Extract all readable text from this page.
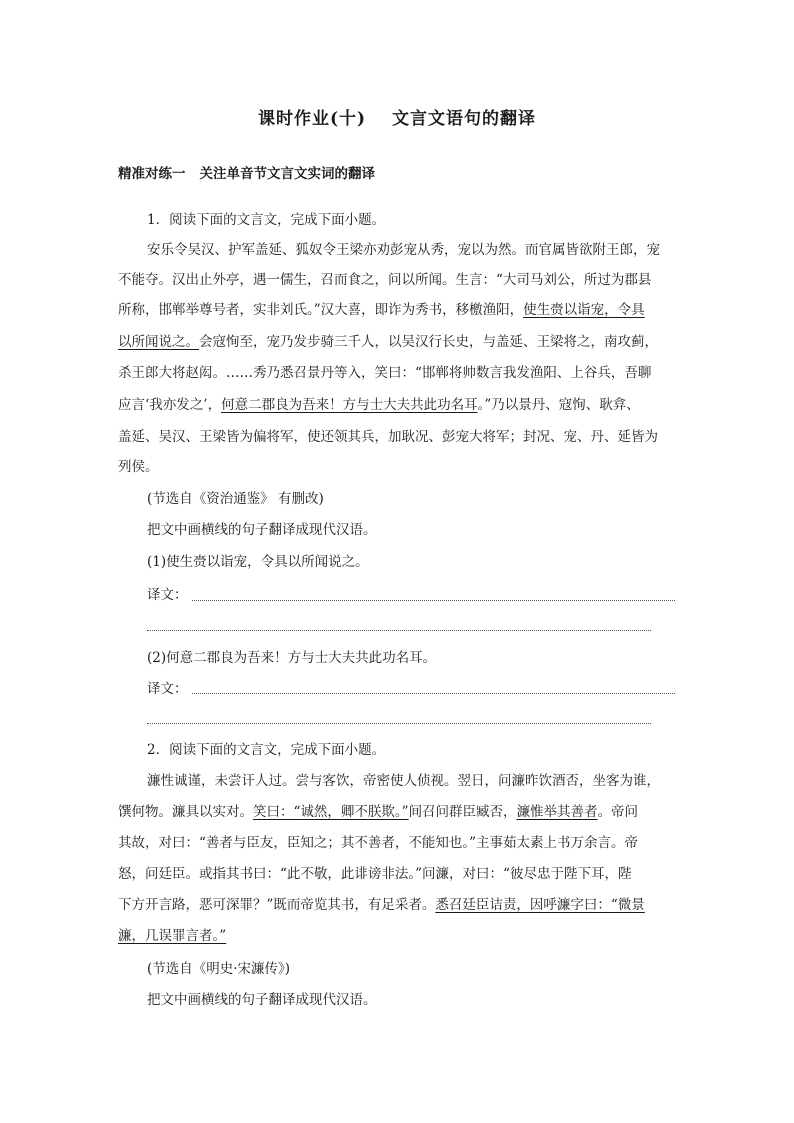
课时作业(十) 文言文语句的翻译
精准对练一 关注单音节文言文实词的翻译
1．阅读下面的文言文，完成下面小题。
安乐令吴汉、护军盖延、狐奴令王梁亦劝彭宠从秀，宠以为然。而官属皆欲附王郎，宠
不能夺。汉出止外亭，遇一儒生，召而食之，问以所闻。生言：“大司马刘公，所过为郡县
所称，邯郸举尊号者，实非刘氏。”汉大喜，即诈为秀书，移檄渔阳，使生赍以诣宠，令具
以所闻说之。会寇恂至，宠乃发步骑三千人，以吴汉行长史，与盖延、王梁将之，南攻蓟，
杀王郎大将赵闳。……秀乃悉召景丹等入，笑曰：“邯郸将帅数言我发渔阳、上谷兵，吾聊
应言‘我亦发之’，何意二郡良为吾来！方与士大夫共此功名耳。”乃以景丹、寇恂、耿弇、
盖延、吴汉、王梁皆为偏将军，使还领其兵，加耿况、彭宠大将军；封况、宠、丹、延皆为
列侯。
(节选自《资治通鉴》 有删改)
把文中画横线的句子翻译成现代汉语。
(1)使生赍以诣宠，令具以所闻说之。
译文：
(2)何意二郡良为吾来！方与士大夫共此功名耳。
译文：
2．阅读下面的文言文，完成下面小题。
濂性诚谨，未尝讦人过。尝与客饮，帝密使人侦视。翌日，问濂昨饮酒否，坐客为谁，
馔何物。濂具以实对。笑曰：“诚然，卿不朕欺。”间召问群臣臧否，濂惟举其善者。帝问
其故，对曰：“善者与臣友，臣知之；其不善者，不能知也。”主事茹太素上书万余言。帝
怒，问廷臣。或指其书曰：“此不敬，此诽谤非法。”问濂，对曰：“彼尽忠于陛下耳，陛
下方开言路，恶可深罪？”既而帝览其书，有足采者。悉召廷臣诘责，因呼濂字曰：“微景
濂，几误罪言者。”
(节选自《明史·宋濂传》)
把文中画横线的句子翻译成现代汉语。
